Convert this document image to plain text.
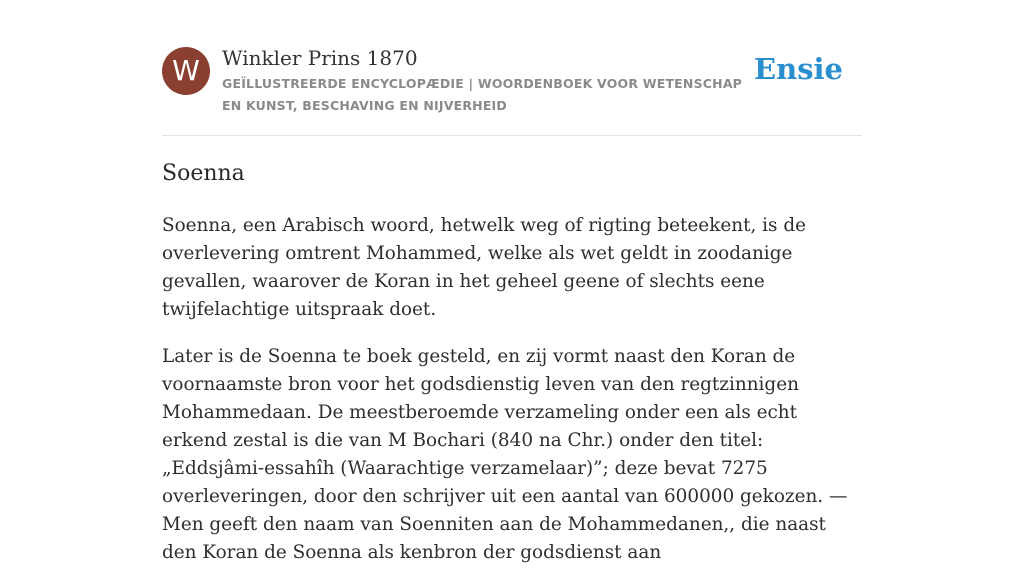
W	Winkler Prins 1870
GEÏLLUSTREERDE ENCYCLOPÆDIE | WOORDENBOEK VOOR WETENSCHAP EN KUNST, BESCHAVING EN NIJVERHEID
Ensie
Soenna

Soenna, een Arabisch woord, hetwelk weg of rigting beteekent, is de overlevering omtrent Mohammed, welke als wet geldt in zoodanige gevallen, waarover de Koran in het geheel geene of slechts eene twijfelachtige uitspraak doet.

Later is de Soenna te boek gesteld, en zij vormt naast den Koran de voornaamste bron voor het godsdienstig leven van den regtzinnigen Mohammedaan. De meestberoemde verzameling onder een als echt erkend zestal is die van M Bochari (840 na Chr.) onder den titel: „Eddsjâmi-essahîh (Waarachtige verzamelaar)”; deze bevat 7275 overleveringen, door den schrijver uit een aantal van 600000 gekozen. — Men geeft den naam van Soenniten aan de Mohammedanen,, die naast den Koran de Soenna als kenbron der godsdienst aan
